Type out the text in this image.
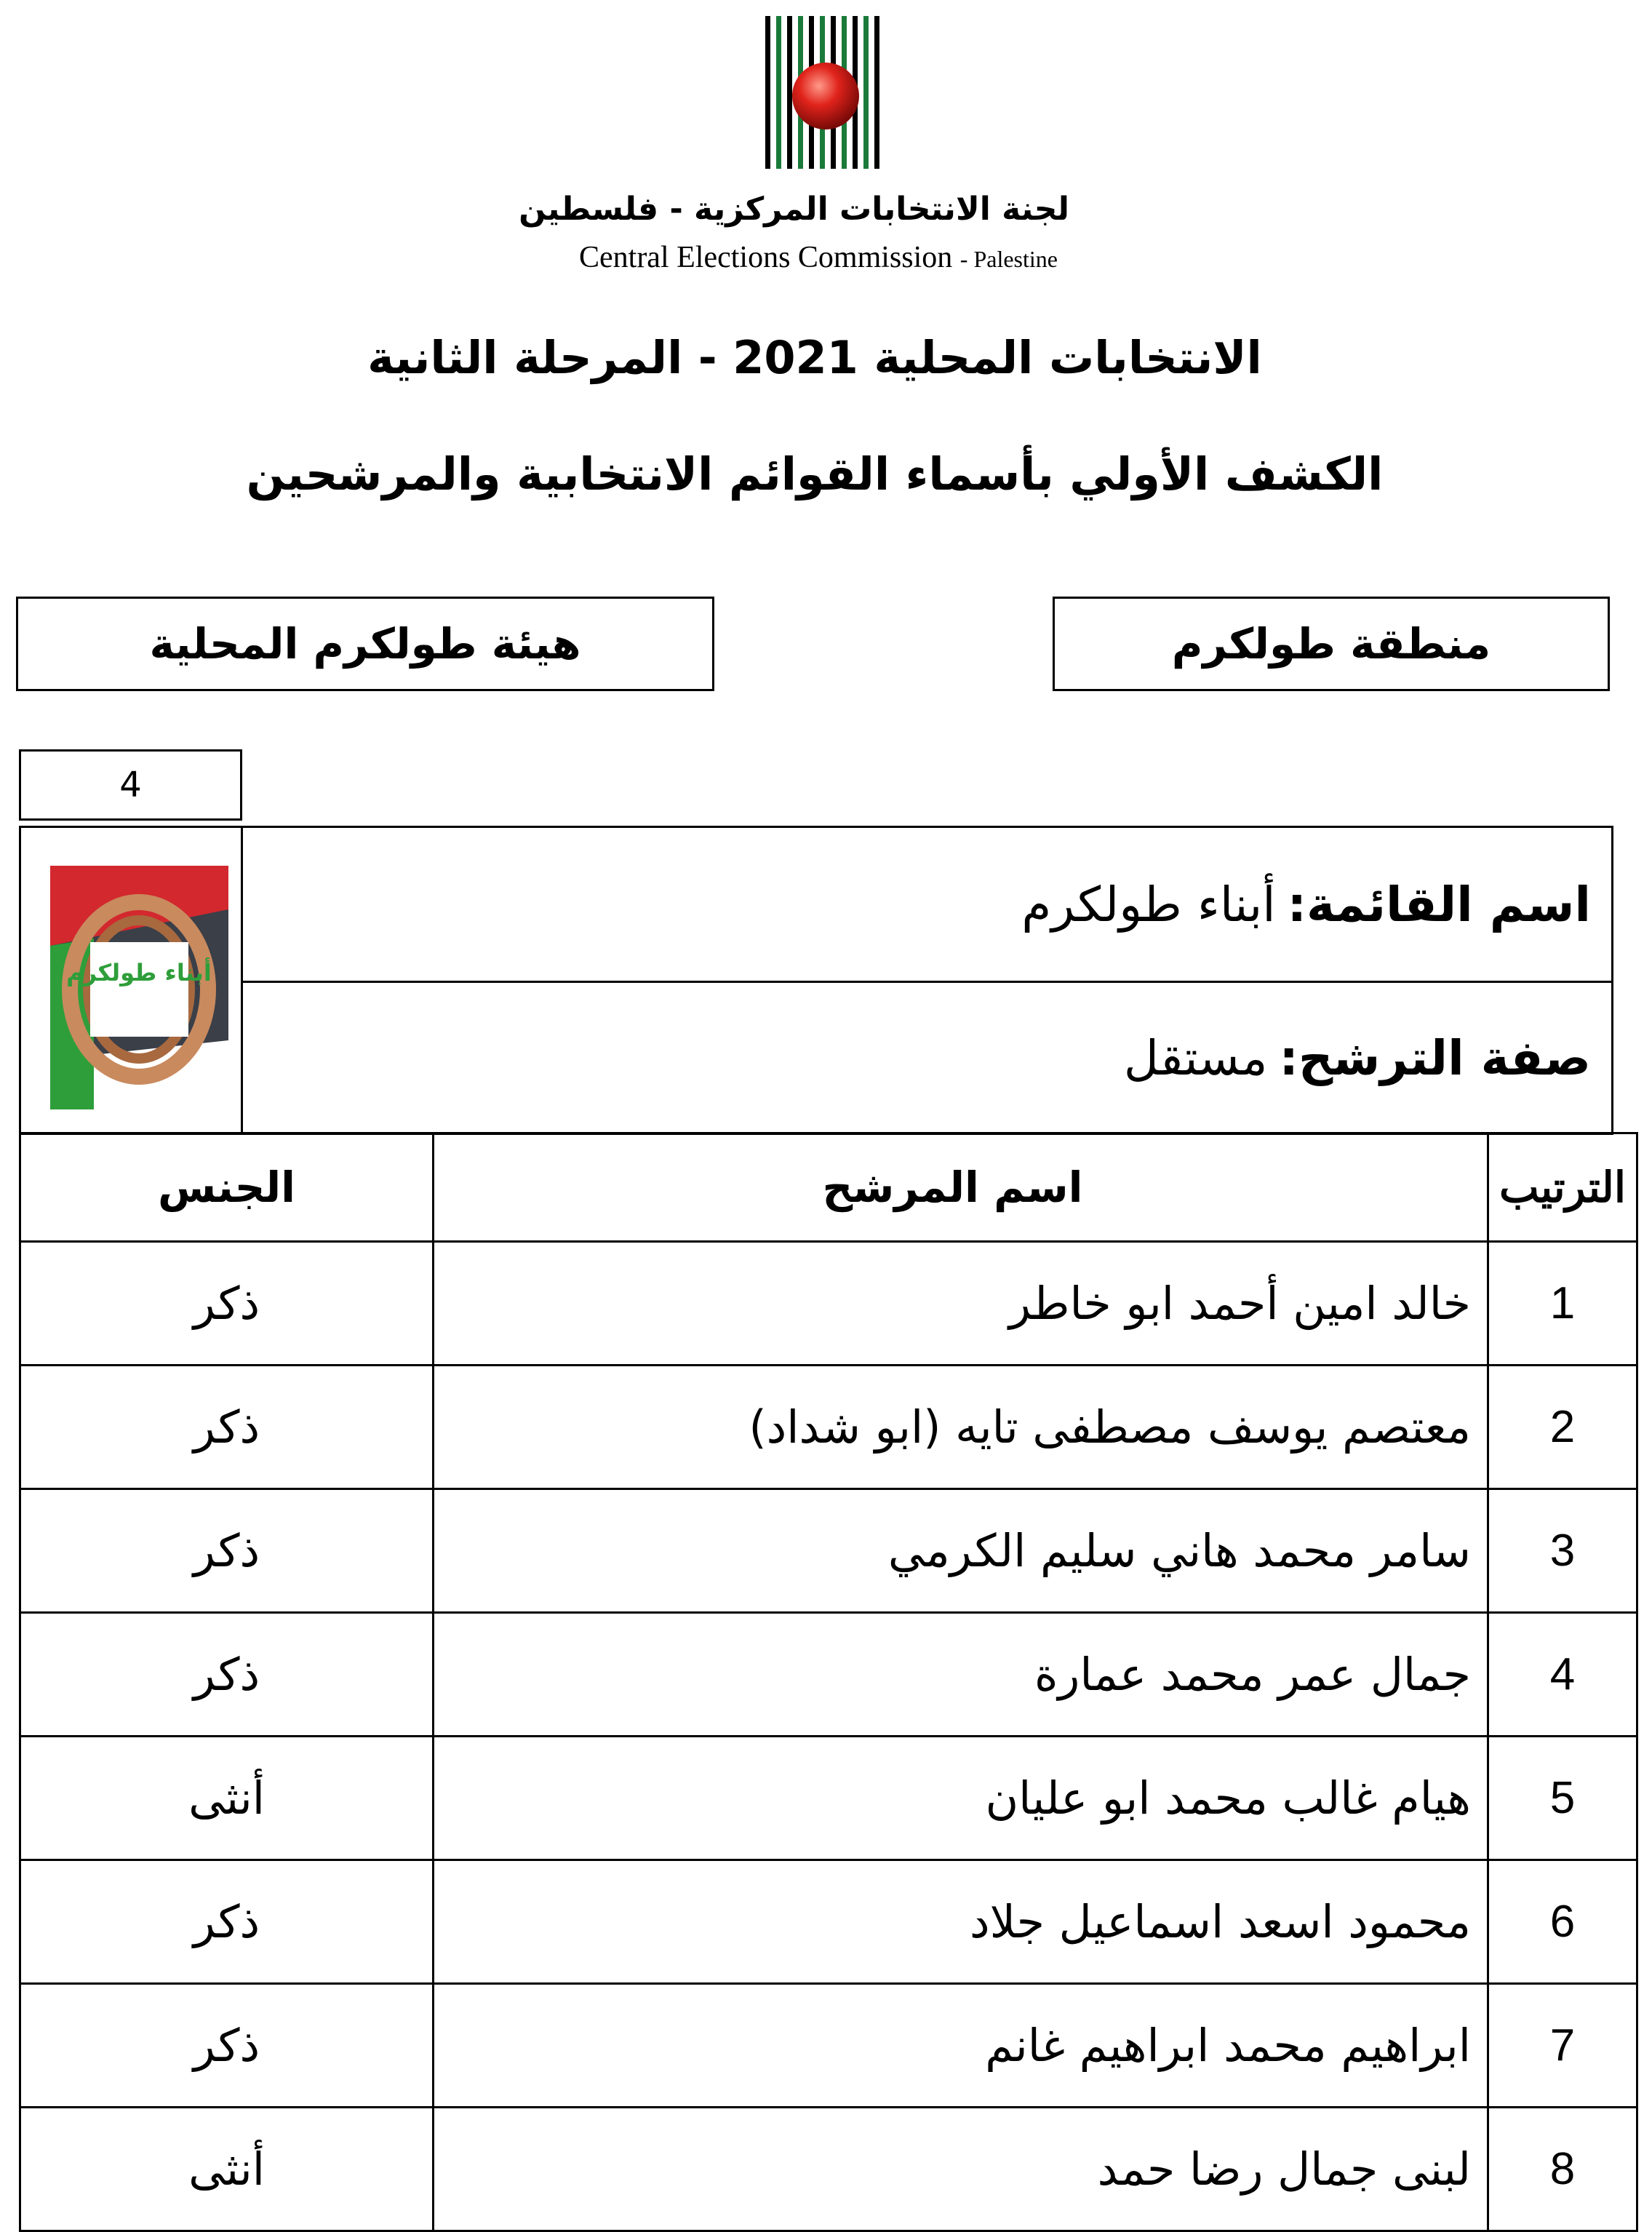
لجنة الانتخابات المركزية - فلسطين
Central Elections Commission - Palestine
الانتخابات المحلية 2021 - المرحلة الثانية
الكشف الأولي بأسماء القوائم الانتخابية والمرشحين
منطقة طولكرم
هيئة طولكرم المحلية
4
أبناء طولكرم
اسم القائمة:
أبناء طولكرم
صفة الترشح:
مستقل
الترتيب	اسم المرشح	الجنس
1	خالد امين أحمد ابو خاطر	ذكر
2	معتصم يوسف مصطفى تايه (ابو شداد)	ذكر
3	سامر محمد هاني سليم الكرمي	ذكر
4	جمال عمر محمد عمارة	ذكر
5	هيام غالب محمد ابو عليان	أنثى
6	محمود اسعد اسماعيل جلاد	ذكر
7	ابراهيم محمد ابراهيم غانم	ذكر
8	لبنى جمال رضا حمد	أنثى
